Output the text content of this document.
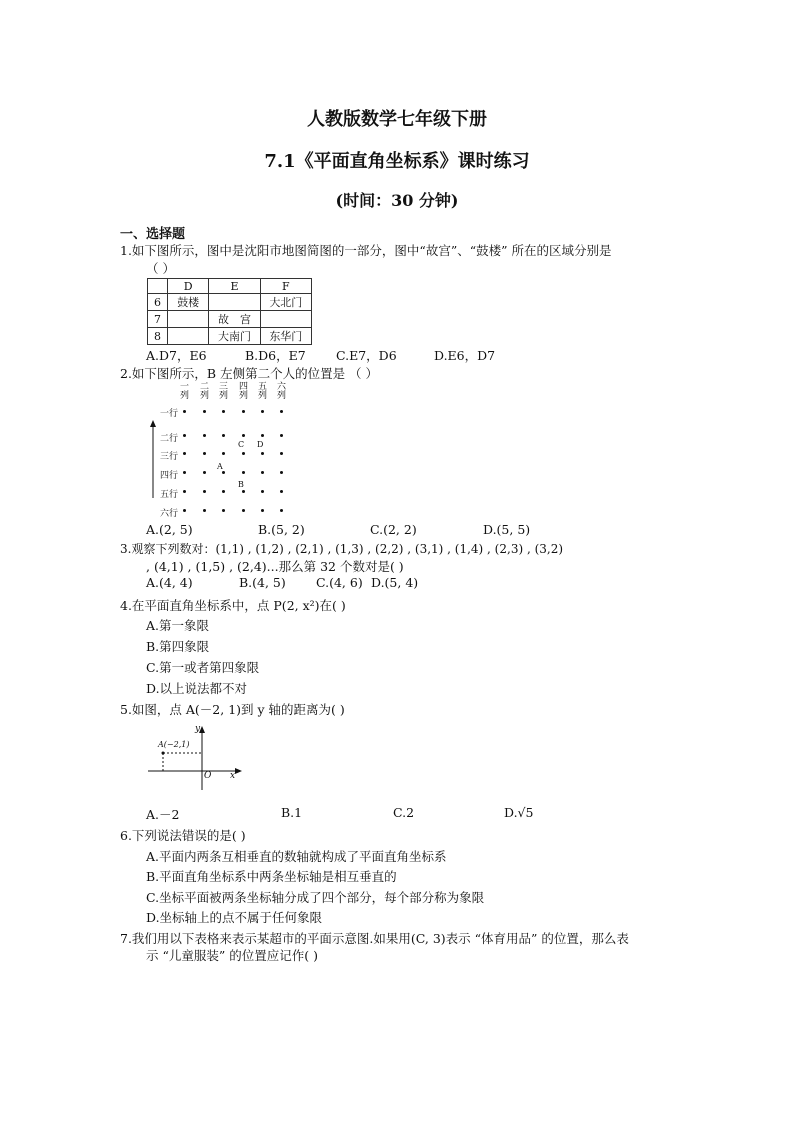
人教版数学七年级下册
7.1《平面直角坐标系》课时练习
(时间：30 分钟)
一、选择题
1.如下图所示，图中是沈阳市地图简图的一部分，图中“故宫”、“鼓楼” 所在的区域分别是
（ ）
	D	E	F
6	鼓楼		大北门
7		故　宫	
8		大南门	东华门
A.D7，E6	B.D6，E7 C.E7，D6	D.E6，D7
2.如下图所示，B 左侧第二个人的位置是 （ ）
一列
二列
三列
四列
五列
六列
一行
二行
三行
四行
五行
六行
A
B
C D
A.(2, 5)	B.(5, 2)	C.(2, 2)	D.(5, 5)
3.观察下列数对：(1,1) , (1,2) , (2,1) , (1,3) , (2,2) , (3,1) , (1,4) , (2,3) , (3,2)
, (4,1) , (1,5) , (2,4)...那么第 32 个数对是( )
A.(4, 4)	B.(4, 5) C.(4, 6) D.(5, 4)
4.在平面直角坐标系中，点 P(2, x²)在( )
A.第一象限
B.第四象限
C.第一或者第四象限
D.以上说法都不对
5.如图，点 A(－2, 1)到 y 轴的距离为( )
A(−2,1)
y
x
O
A.－2	B.1	C.2	D.√5
6.下列说法错误的是( )
A.平面内两条互相垂直的数轴就构成了平面直角坐标系
B.平面直角坐标系中两条坐标轴是相互垂直的
C.坐标平面被两条坐标轴分成了四个部分，每个部分称为象限
D.坐标轴上的点不属于任何象限
7.我们用以下表格来表示某超市的平面示意图.如果用(C, 3)表示 “体育用品” 的位置，那么表
示 “儿童服装” 的位置应记作( )
